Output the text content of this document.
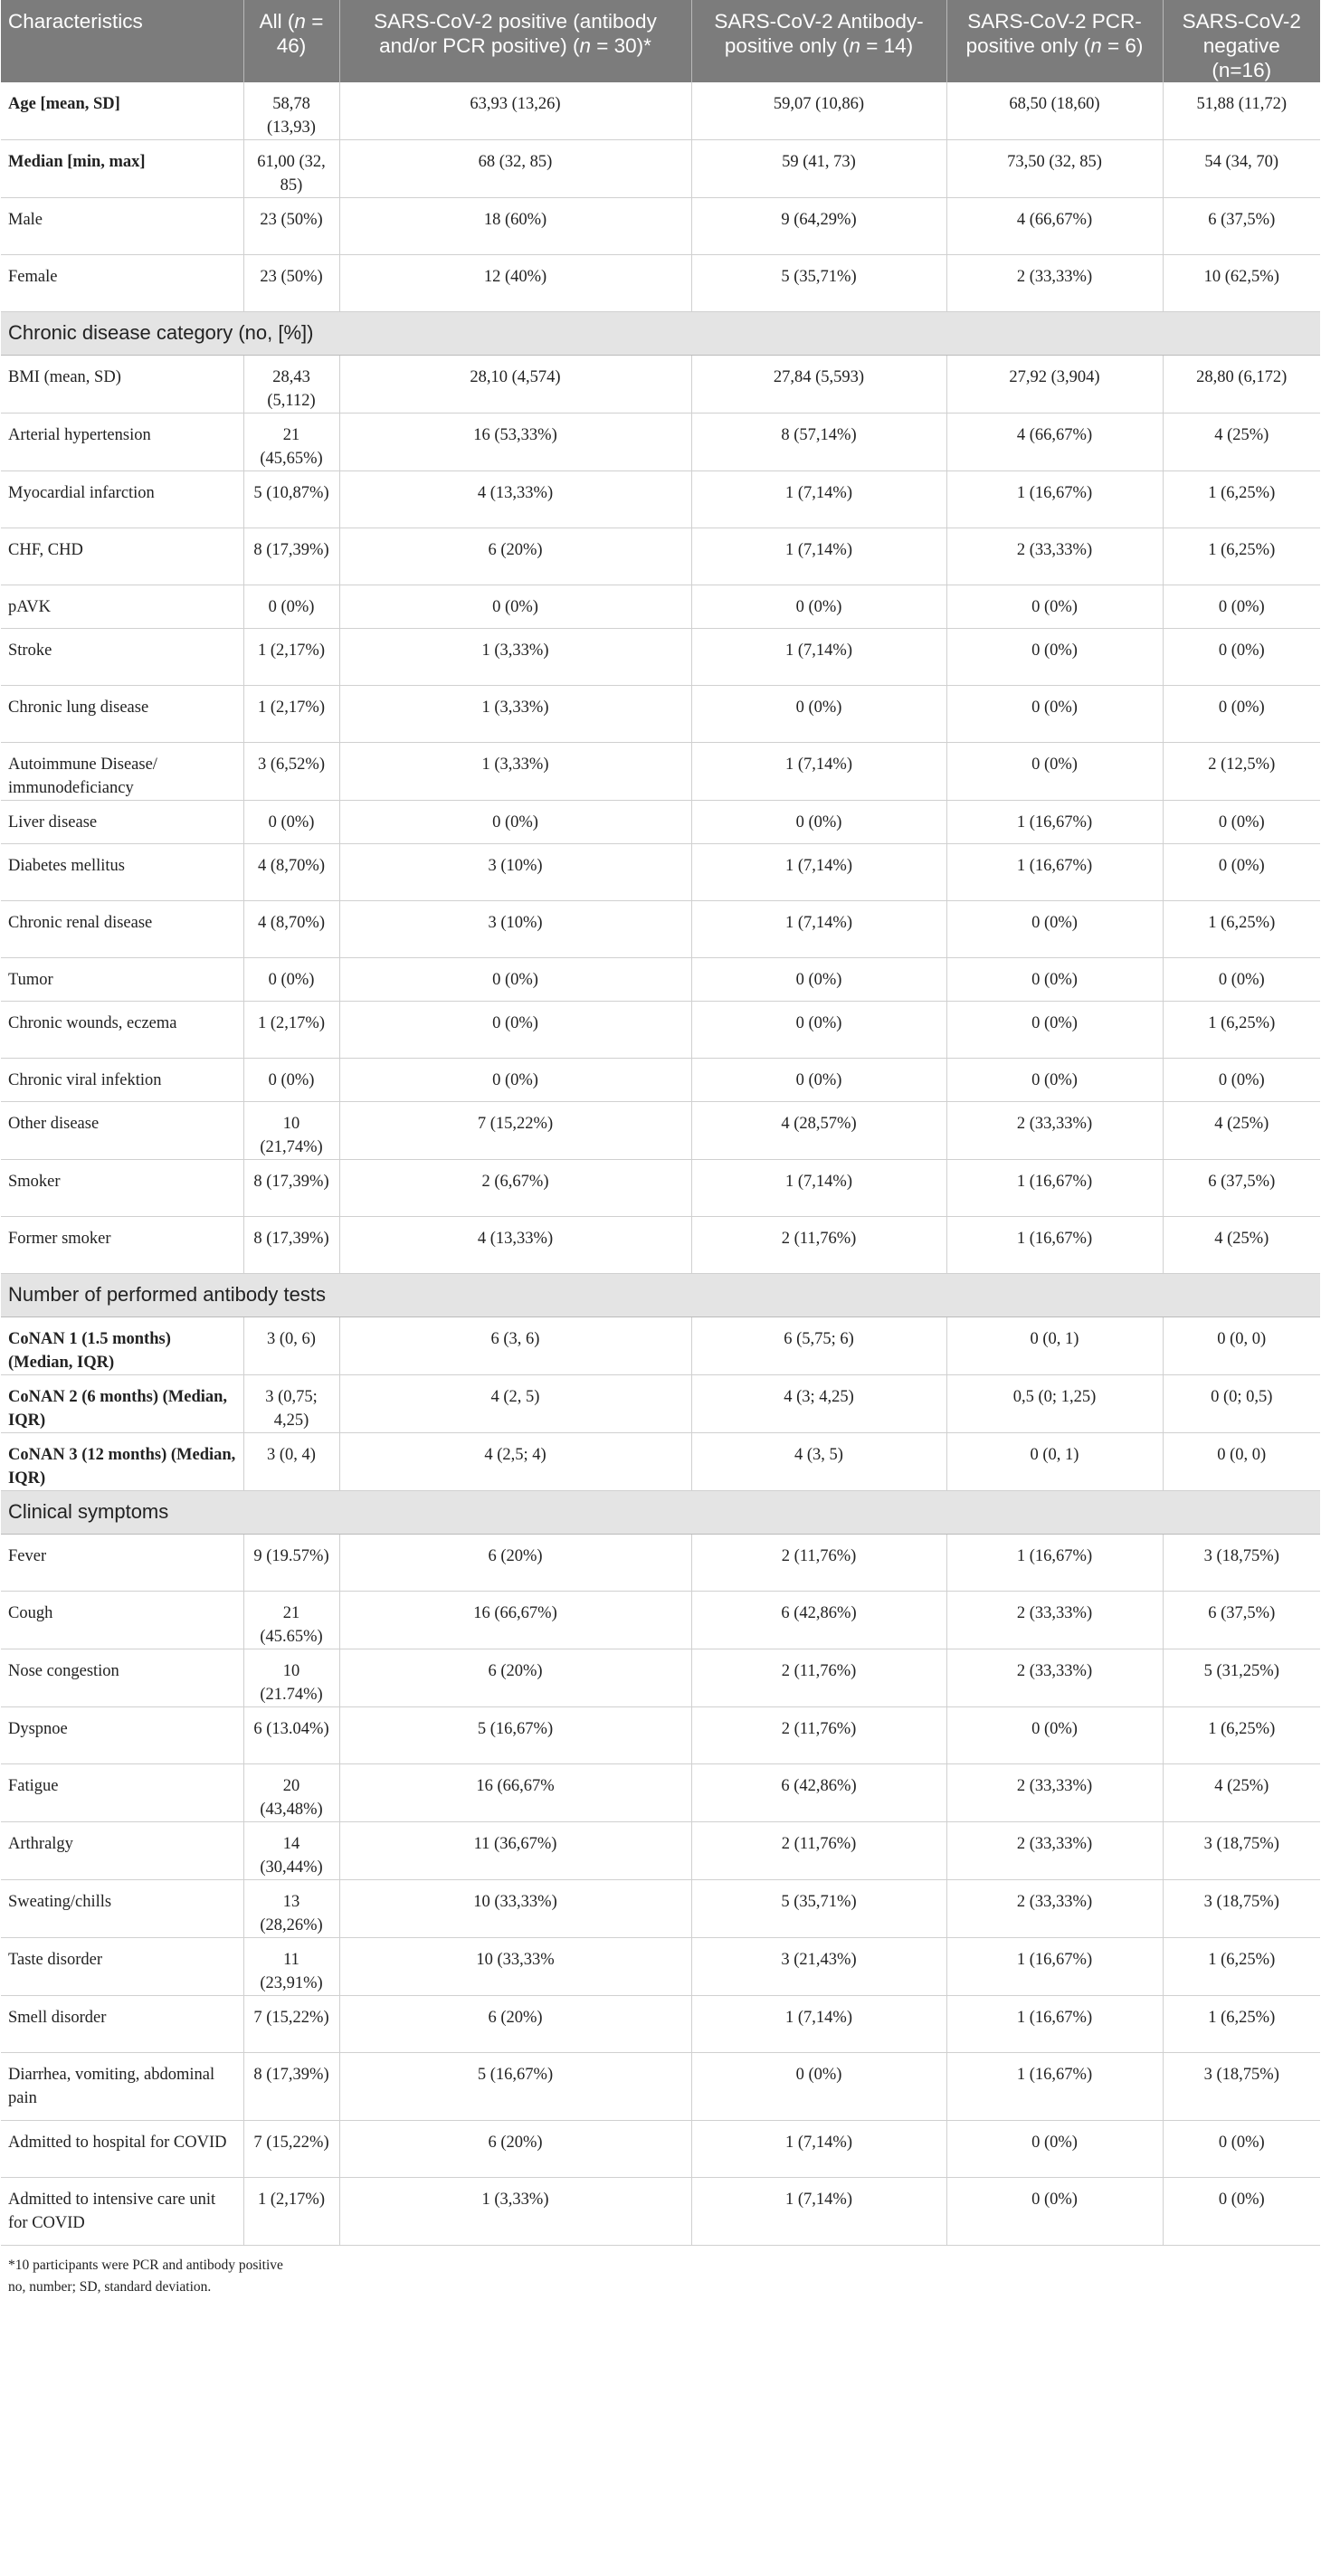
Characteristics	All (n = 46)	SARS-CoV-2 positive (antibody and/or PCR positive) (n = 30)*	SARS-CoV-2 Antibody-positive only (n = 14)	SARS-CoV-2 PCR-positive only (n = 6)	SARS-CoV-2 negative (n=16)
Age [mean, SD]	58,78 (13,93)	63,93 (13,26)	59,07 (10,86)	68,50 (18,60)	51,88 (11,72)
Median [min, max]	61,00 (32, 85)	68 (32, 85)	59 (41, 73)	73,50 (32, 85)	54 (34, 70)
Male	23 (50%)	18 (60%)	9 (64,29%)	4 (66,67%)	6 (37,5%)
Female	23 (50%)	12 (40%)	5 (35,71%)	2 (33,33%)	10 (62,5%)
Chronic disease category (no, [%])					
BMI (mean, SD)	28,43 (5,112)	28,10 (4,574)	27,84 (5,593)	27,92 (3,904)	28,80 (6,172)
Arterial hypertension	21 (45,65%)	16 (53,33%)	8 (57,14%)	4 (66,67%)	4 (25%)
Myocardial infarction	5 (10,87%)	4 (13,33%)	1 (7,14%)	1 (16,67%)	1 (6,25%)
CHF, CHD	8 (17,39%)	6 (20%)	1 (7,14%)	2 (33,33%)	1 (6,25%)
pAVK	0 (0%)	0 (0%)	0 (0%)	0 (0%)	0 (0%)
Stroke	1 (2,17%)	1 (3,33%)	1 (7,14%)	0 (0%)	0 (0%)
Chronic lung disease	1 (2,17%)	1 (3,33%)	0 (0%)	0 (0%)	0 (0%)
Autoimmune Disease/ immunodeficiancy	3 (6,52%)	1 (3,33%)	1 (7,14%)	0 (0%)	2 (12,5%)
Liver disease	0 (0%)	0 (0%)	0 (0%)	1 (16,67%)	0 (0%)
Diabetes mellitus	4 (8,70%)	3 (10%)	1 (7,14%)	1 (16,67%)	0 (0%)
Chronic renal disease	4 (8,70%)	3 (10%)	1 (7,14%)	0 (0%)	1 (6,25%)
Tumor	0 (0%)	0 (0%)	0 (0%)	0 (0%)	0 (0%)
Chronic wounds, eczema	1 (2,17%)	0 (0%)	0 (0%)	0 (0%)	1 (6,25%)
Chronic viral infektion	0 (0%)	0 (0%)	0 (0%)	0 (0%)	0 (0%)
Other disease	10 (21,74%)	7 (15,22%)	4 (28,57%)	2 (33,33%)	4 (25%)
Smoker	8 (17,39%)	2 (6,67%)	1 (7,14%)	1 (16,67%)	6 (37,5%)
Former smoker	8 (17,39%)	4 (13,33%)	2 (11,76%)	1 (16,67%)	4 (25%)
Number of performed antibody tests					
CoNAN 1 (1.5 months) (Median, IQR)	3 (0, 6)	6 (3, 6)	6 (5,75; 6)	0 (0, 1)	0 (0, 0)
CoNAN 2 (6 months) (Median, IQR)	3 (0,75; 4,25)	4 (2, 5)	4 (3; 4,25)	0,5 (0; 1,25)	0 (0; 0,5)
CoNAN 3 (12 months) (Median, IQR)	3 (0, 4)	4 (2,5; 4)	4 (3, 5)	0 (0, 1)	0 (0, 0)
Clinical symptoms					
Fever	9 (19.57%)	6 (20%)	2 (11,76%)	1 (16,67%)	3 (18,75%)
Cough	21 (45.65%)	16 (66,67%)	6 (42,86%)	2 (33,33%)	6 (37,5%)
Nose congestion	10 (21.74%)	6 (20%)	2 (11,76%)	2 (33,33%)	5 (31,25%)
Dyspnoe	6 (13.04%)	5 (16,67%)	2 (11,76%)	0 (0%)	1 (6,25%)
Fatigue	20 (43,48%)	16 (66,67%	6 (42,86%)	2 (33,33%)	4 (25%)
Arthralgy	14 (30,44%)	11 (36,67%)	2 (11,76%)	2 (33,33%)	3 (18,75%)
Sweating/chills	13 (28,26%)	10 (33,33%)	5 (35,71%)	2 (33,33%)	3 (18,75%)
Taste disorder	11 (23,91%)	10 (33,33%	3 (21,43%)	1 (16,67%)	1 (6,25%)
Smell disorder	7 (15,22%)	6 (20%)	1 (7,14%)	1 (16,67%)	1 (6,25%)
Diarrhea, vomiting, abdominal pain	8 (17,39%)	5 (16,67%)	0 (0%)	1 (16,67%)	3 (18,75%)
Admitted to hospital for COVID	7 (15,22%)	6 (20%)	1 (7,14%)	0 (0%)	0 (0%)
Admitted to intensive care unit for COVID	1 (2,17%)	1 (3,33%)	1 (7,14%)	0 (0%)	0 (0%)

*10 participants were PCR and antibody positive
no, number; SD, standard deviation.					
